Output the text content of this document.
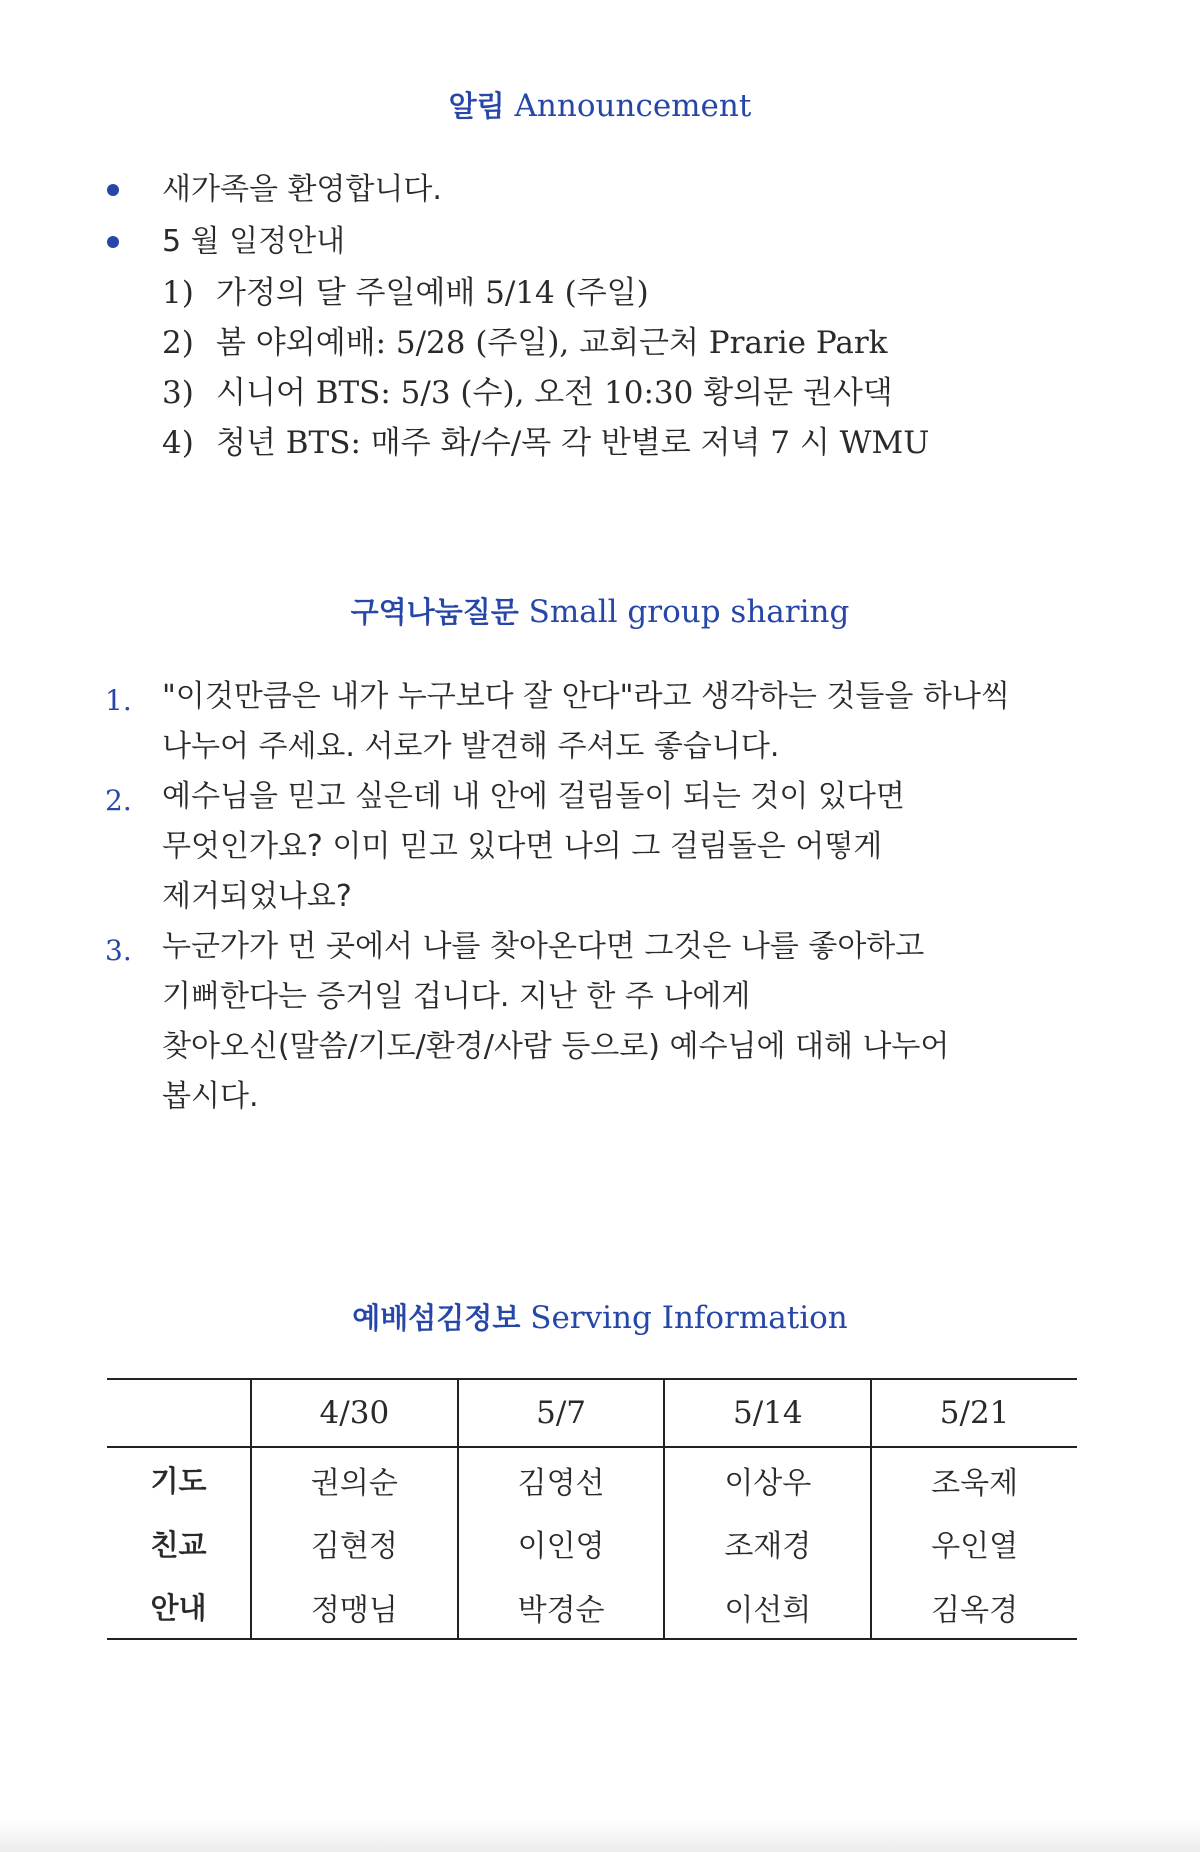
알림 Announcement
새가족을 환영합니다.
5 월 일정안내
1) 가정의 달 주일예배 5/14 (주일)
2) 봄 야외예배: 5/28 (주일), 교회근처 Prarie Park
3) 시니어 BTS: 5/3 (수), 오전 10:30 황의문 권사댁
4) 청년 BTS: 매주 화/수/목 각 반별로 저녁 7 시 WMU
구역나눔질문 Small group sharing
1. "이것만큼은 내가 누구보다 잘 안다"라고 생각하는 것들을 하나씩
나누어 주세요. 서로가 발견해 주셔도 좋습니다.
2. 예수님을 믿고 싶은데 내 안에 걸림돌이 되는 것이 있다면
무엇인가요? 이미 믿고 있다면 나의 그 걸림돌은 어떻게
제거되었나요?
3. 누군가가 먼 곳에서 나를 찾아온다면 그것은 나를 좋아하고
기뻐한다는 증거일 겁니다. 지난 한 주 나에게
찾아오신(말씀/기도/환경/사람 등으로) 예수님에 대해 나누어
봅시다.
예배섬김정보 Serving Information
	4/30	5/7	5/14	5/21
기도	권의순	김영선	이상우	조욱제
친교	김현정	이인영	조재경	우인열
안내	정맹님	박경순	이선희	김옥경
